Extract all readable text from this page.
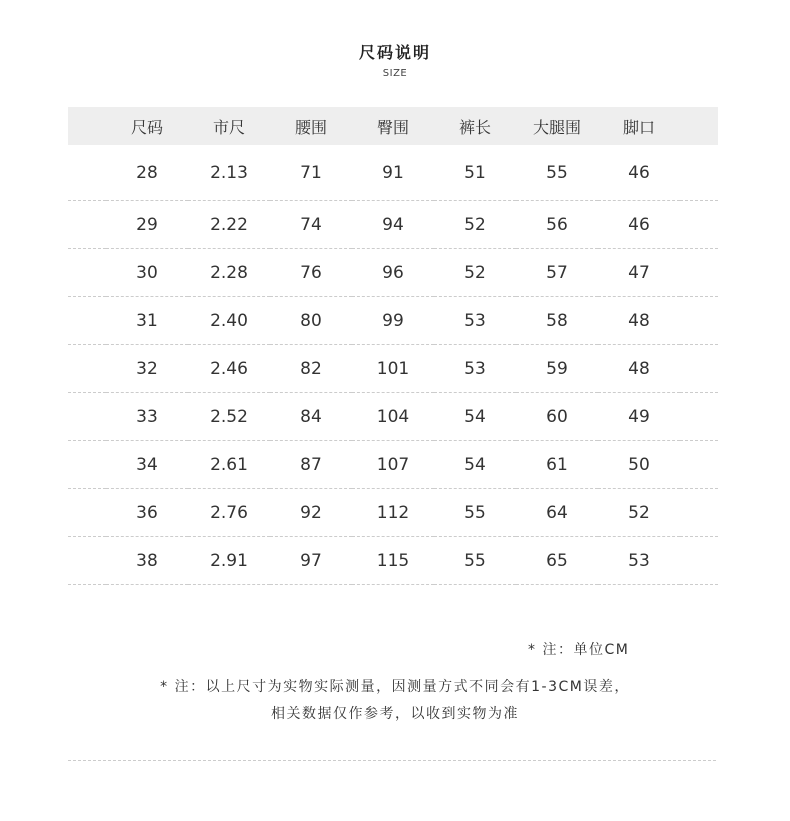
尺码说明
SIZE
	尺码	市尺	腰围	臀围	裤长	大腿围	脚口	
	28	2.13	71	91	51	55	46	
	29	2.22	74	94	52	56	46	
	30	2.28	76	96	52	57	47	
	31	2.40	80	99	53	58	48	
	32	2.46	82	101	53	59	48	
	33	2.52	84	104	54	60	49	
	34	2.61	87	107	54	61	50	
	36	2.76	92	112	55	64	52	
	38	2.91	97	115	55	65	53	
* 注：单位CM
* 注：以上尺寸为实物实际测量，因测量方式不同会有1-3CM误差，
相关数据仅作参考，以收到实物为准
